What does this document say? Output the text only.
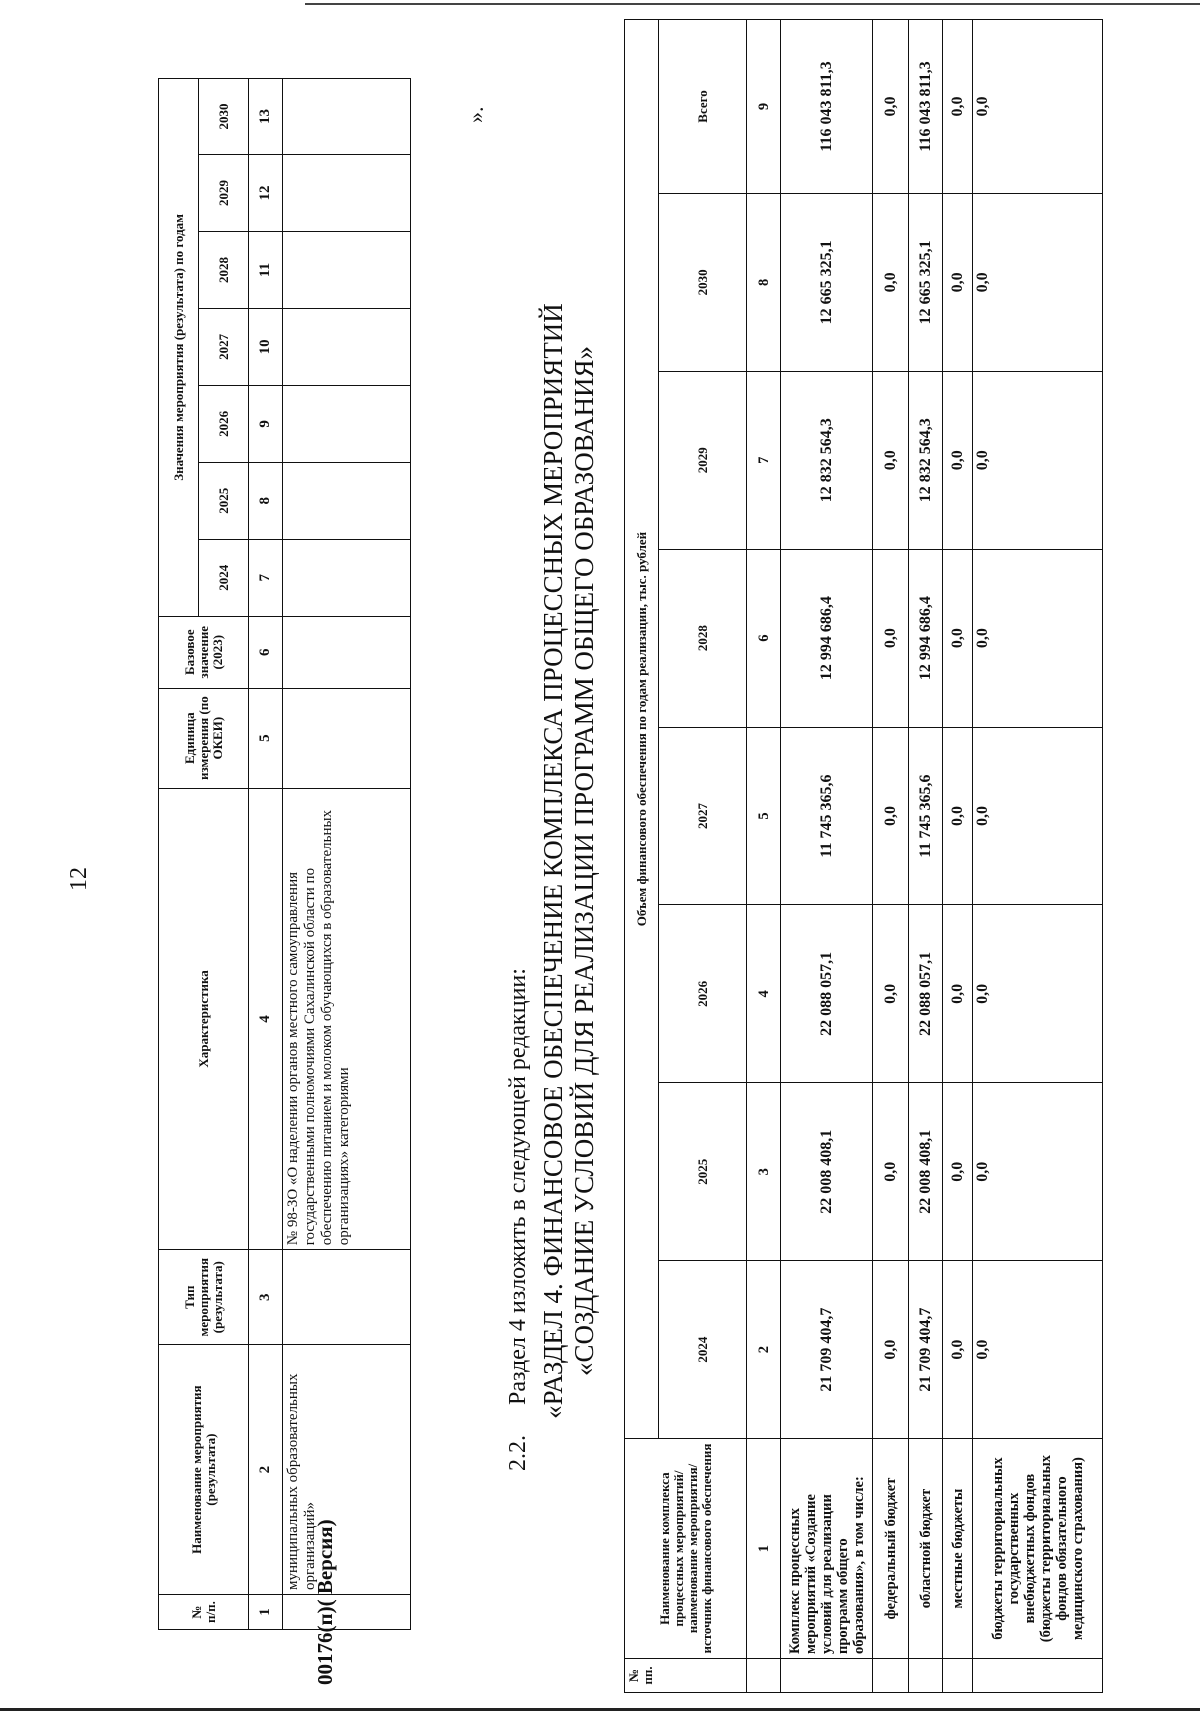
12
№ п/п.	Наименование мероприятия (результата)	Тип мероприятия (результата)	Характеристика	Единица измерения (по ОКЕИ)	Базовое значение (2023)	Значения мероприятия (результата) по годам						
						2024	2025	2026	2027	2028	2029	2030
1	2	3	4	5	6	7	8	9	10	11	12	13
	муниципальных образовательных организаций»		№ 98-ЗО «О наделении органов местного самоуправления государственными полномочиями Сахалинской области по обеспечению питанием и молоком обучающихся в образовательных организациях» категориями									
2.2. Раздел 4 изложить в следующей редакции:
».
«РАЗДЕЛ 4. ФИНАНСОВОЕ ОБЕСПЕЧЕНИЕ КОМПЛЕКСА ПРОЦЕССНЫХ МЕРОПРИЯТИЙ «СОЗДАНИЕ УСЛОВИЙ ДЛЯ РЕАЛИЗАЦИИ ПРОГРАММ ОБЩЕГО ОБРАЗОВАНИЯ»
№ пп.	Наименование комплекса процессных мероприятий/ наименование мероприятия/источник финансового обеспечения	Объем финансового обеспечения по годам реализации, тыс. рублей							
		2024	2025	2026	2027	2028	2029	2030	Всего
	1	2	3	4	5	6	7	8	9
	Комплекс процессных мероприятий «Создание условий для реализации программ общего образования», в том числе:	21 709 404,7	22 008 408,1	22 088 057,1	11 745 365,6	12 994 686,4	12 832 564,3	12 665 325,1	116 043 811,3
	федеральный бюджет	0,0	0,0	0,0	0,0	0,0	0,0	0,0	0,0
	областной бюджет	21 709 404,7	22 008 408,1	22 088 057,1	11 745 365,6	12 994 686,4	12 832 564,3	12 665 325,1	116 043 811,3
	местные бюджеты	0,0	0,0	0,0	0,0	0,0	0,0	0,0	0,0
	бюджеты территориальных государственных внебюджетных фондов (бюджеты территориальных фондов обязательного медицинского страхования)	0,0	0,0	0,0	0,0	0,0	0,0	0,0	0,0
00176(п)( Версия)
